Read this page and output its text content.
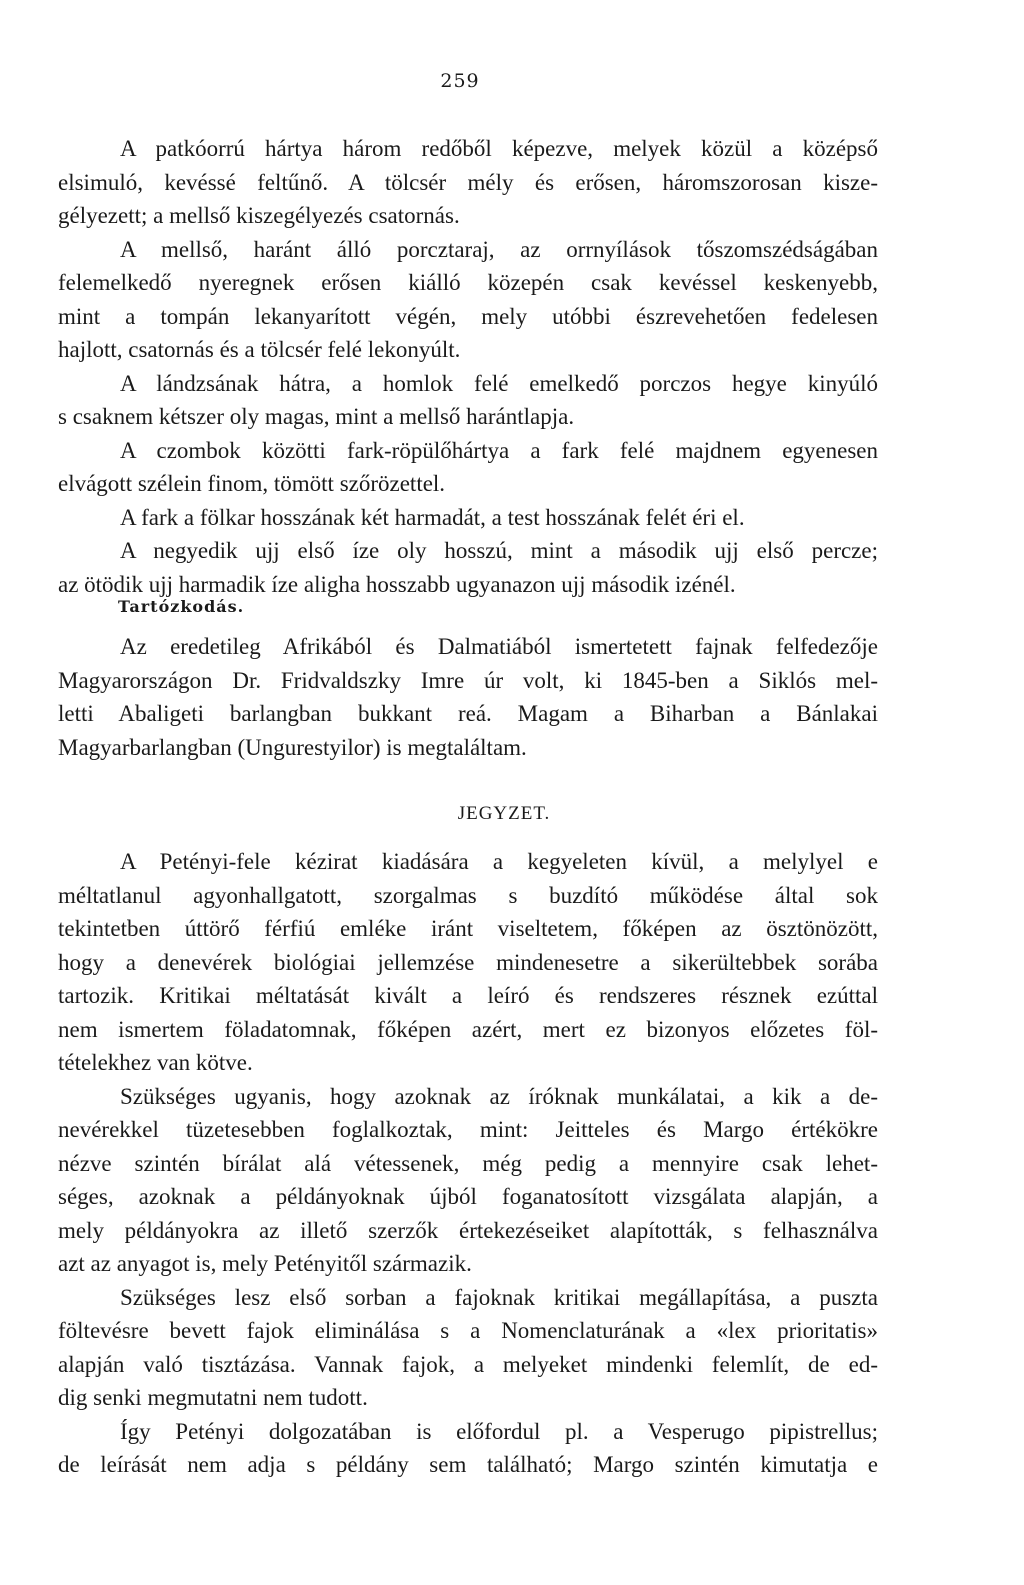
259
A patkóorrú hártya három redőből képezve, melyek közül a középső
elsimuló, kevéssé feltűnő. A tölcsér mély és erősen, háromszorosan kisze-
gélyezett; a mellső kiszegélyezés csatornás.
A mellső, haránt álló porcztaraj, az orrnyílások tőszomszédságában
felemelkedő nyeregnek erősen kiálló közepén csak kevéssel keskenyebb,
mint a tompán lekanyarított végén, mely utóbbi észrevehetően fedelesen
hajlott, csatornás és a tölcsér felé lekonyúlt.
A lándzsának hátra, a homlok felé emelkedő porczos hegye kinyúló
s csaknem kétszer oly magas, mint a mellső harántlapja.
A czombok közötti fark-röpülőhártya a fark felé majdnem egyenesen
elvágott szélein finom, tömött szőrözettel.
A fark a fölkar hosszának két harmadát, a test hosszának felét éri el.
A negyedik ujj első íze oly hosszú, mint a második ujj első percze;
az ötödik ujj harmadik íze aligha hosszabb ugyanazon ujj második izénél.
Tartózkodás.
Az eredetileg Afrikából és Dalmatiából ismertetett fajnak felfedezője
Magyarországon Dr. Fridvaldszky Imre úr volt, ki 1845-ben a Siklós mel-
letti Abaligeti barlangban bukkant reá. Magam a Biharban a Bánlakai
Magyarbarlangban (Ungurestyilor) is megtaláltam.
JEGYZET.
A Petényi-fele kézirat kiadására a kegyeleten kívül, a melylyel e
méltatlanul agyonhallgatott, szorgalmas s buzdító működése által sok
tekintetben úttörő férfiú emléke iránt viseltetem, főképen az ösztönözött,
hogy a denevérek biológiai jellemzése mindenesetre a sikerültebbek sorába
tartozik. Kritikai méltatását kivált a leíró és rendszeres résznek ezúttal
nem ismertem föladatomnak, főképen azért, mert ez bizonyos előzetes föl-
tételekhez van kötve.
Szükséges ugyanis, hogy azoknak az íróknak munkálatai, a kik a de-
nevérekkel tüzetesebben foglalkoztak, mint: Jeitteles és Margo értékökre
nézve szintén bírálat alá vétessenek, még pedig a mennyire csak lehet-
séges, azoknak a példányoknak újból foganatosított vizsgálata alapján, a
mely példányokra az illető szerzők értekezéseiket alapították, s felhasználva
azt az anyagot is, mely Petényitől származik.
Szükséges lesz első sorban a fajoknak kritikai megállapítása, a puszta
föltevésre bevett fajok eliminálása s a Nomenclaturának a «lex prioritatis»
alapján való tisztázása. Vannak fajok, a melyeket mindenki felemlít, de ed-
dig senki megmutatni nem tudott.
Így Petényi dolgozatában is előfordul pl. a Vesperugo pipistrellus;
de leírását nem adja s példány sem található; Margo szintén kimutatja e
